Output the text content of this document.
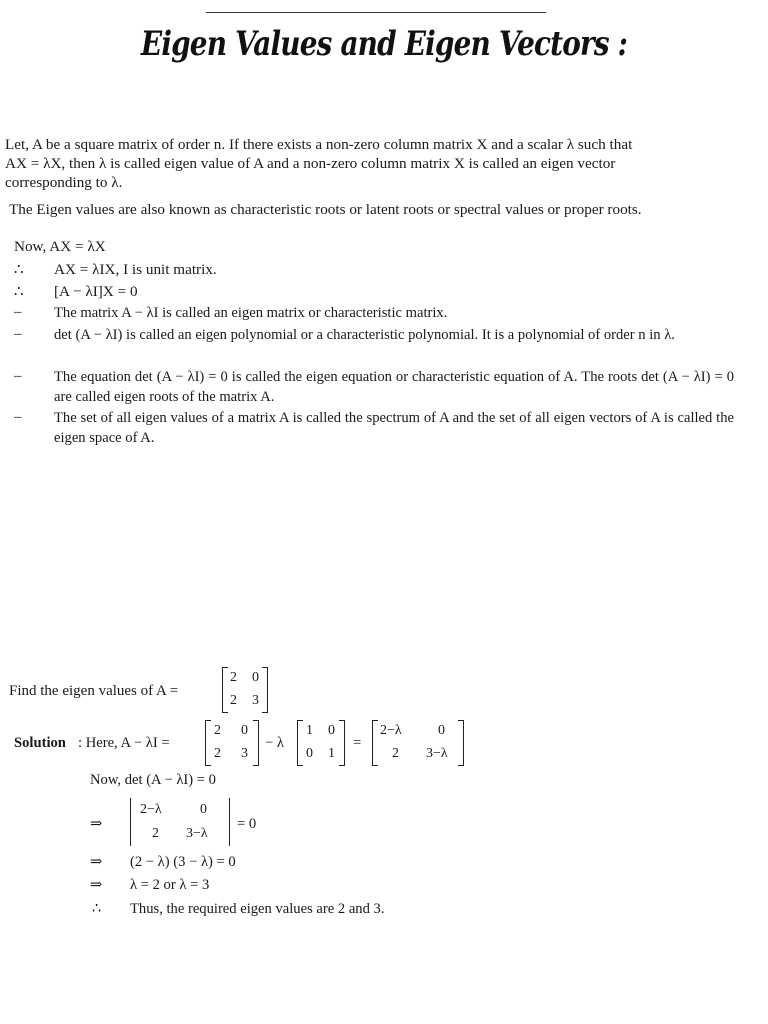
Eigen Values and Eigen Vectors :
Let, A be a square matrix of order n. If there exists a non-zero column matrix X and a scalar λ such that
AX = λX, then λ is called eigen value of A and a non-zero column matrix X is called an eigen vector
corresponding to λ.
The Eigen values are also known as characteristic roots or latent roots or spectral values or proper roots.
Now, AX = λX
∴	AX = λIX, I is unit matrix.
∴	[A − λI]X = 0
–	The matrix A − λI is called an eigen matrix or characteristic matrix.
–	det (A − λI) is called an eigen polynomial or a characteristic polynomial. It is a polynomial of order n in λ.
–	The equation det (A − λI) = 0 is called the eigen equation or characteristic equation of A. The roots det (A − λI) = 0 are called eigen roots of the matrix A.
–	The set of all eigen values of a matrix A is called the spectrum of A and the set of all eigen vectors of A is called the eigen space of A.
Find the eigen values of A =
2 0
2 3
Solution : Here, A − λI =
2 0
2 3
− λ
1 0
0 1
=
2−λ	0
2 3−λ
Now, det (A − λI) = 0
⇒
2−λ	0
2 3−λ
= 0
⇒ (2 − λ) (3 − λ) = 0
⇒ λ = 2 or λ = 3
∴ Thus, the required eigen values are 2 and 3.
